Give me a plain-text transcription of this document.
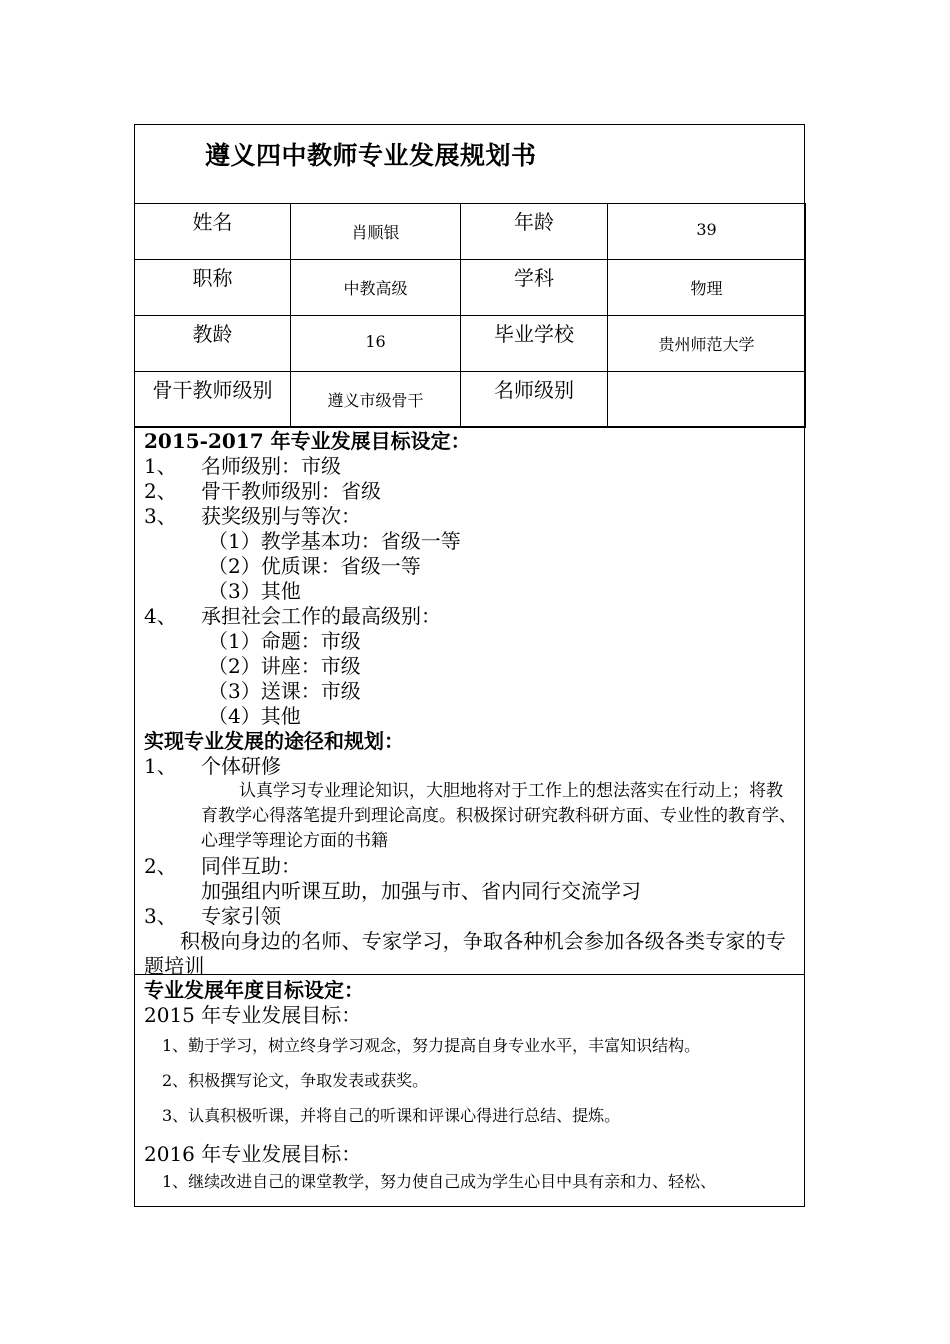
遵义四中教师专业发展规划书
姓名	肖顺银	年龄	39

职称	中教高级	学科	物理

教龄	16	毕业学校	贵州师范大学

骨干教师级别	遵义市级骨干	名师级别	

2015-2017 年专业发展目标设定：
1、 名师级别：市级
2、 骨干教师级别：省级
3、 获奖级别与等次：
（1）教学基本功：省级一等
（2）优质课：省级一等
（3）其他
4、 承担社会工作的最高级别：
（1）命题：市级
（2）讲座：市级
（3）送课：市级
（4）其他
实现专业发展的途径和规划：
1、 个体研修
认真学习专业理论知识，大胆地将对于工作上的想法落实在行动上；将教育教学心得落笔提升到理论高度。积极探讨研究教科研方面、专业性的教育学、心理学等理论方面的书籍
2、 同伴互助：
加强组内听课互助，加强与市、省内同行交流学习
3、 专家引领
积极向身边的名师、专家学习，争取各种机会参加各级各类专家的专题培训
专业发展年度目标设定：
2015 年专业发展目标：
1、勤于学习，树立终身学习观念，努力提高自身专业水平，丰富知识结构。
2、积极撰写论文，争取发表或获奖。
3、认真积极听课，并将自己的听课和评课心得进行总结、提炼。
2016 年专业发展目标：
1、继续改进自己的课堂教学，努力使自己成为学生心目中具有亲和力、轻松、
